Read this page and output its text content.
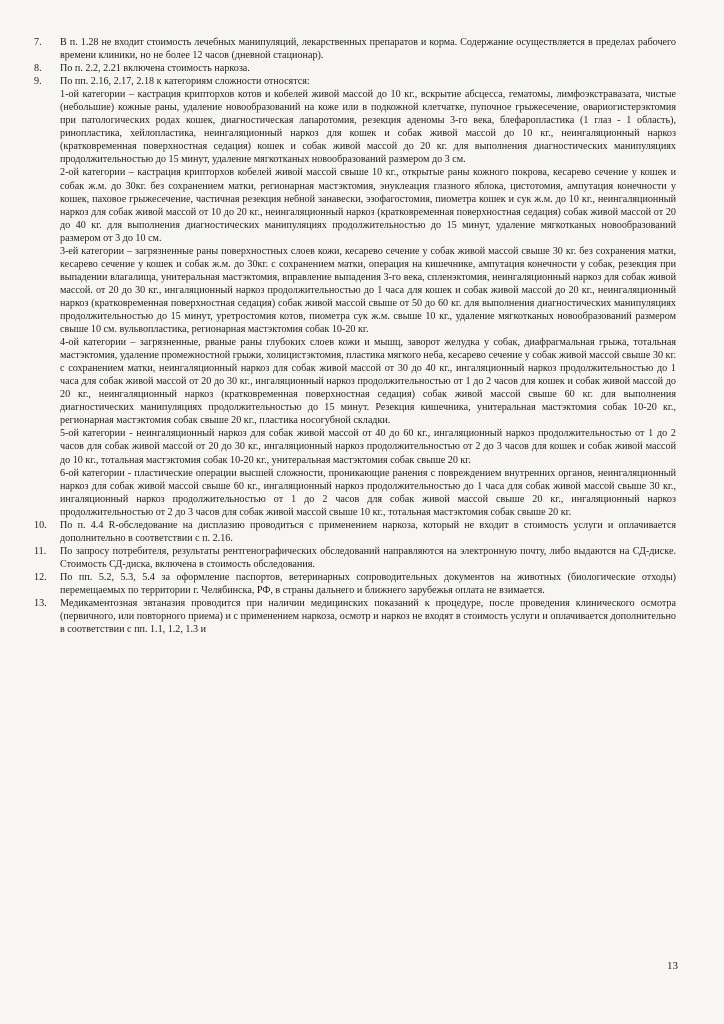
7.	В п. 1.28 не входит стоимость лечебных манипуляций, лекарственных препаратов и корма. Содержание осуществляется в пределах рабочего времени клиники, но не более 12 часов (дневной стационар).
8.	По п. 2.2, 2.21 включена стоимость наркоза.
9.	По пп. 2.16, 2.17, 2.18 к категориям сложности относятся:
1-ой категории – кастрация крипторхов котов и кобелей живой массой до 10 кг., вскрытие абсцесса, гематомы, лимфоэкстравазата, чистые (небольшие) кожные раны, удаление новообразований на коже или в подкожной клетчатке, пупочное грыжесечение, овариогистерэктомия при патологических родах кошек, диагностическая лапаротомия, резекция аденомы 3-го века, блефаропластика (1 глаз - 1 область), ринопластика, хейлопластика, неингаляционный наркоз для кошек и собак живой массой до 10 кг., неингаляционный наркоз (кратковременная поверхностная седация) кошек и собак живой массой до 20 кг. для выполнения диагностических манипуляциях продолжительностью до 15 минут, удаление мягкотканых новообразований размером до 3 см.
2-ой категории – кастрация крипторхов кобелей живой массой свыше 10 кг., открытые раны кожного покрова, кесарево сечение у кошек и собак ж.м. до 30кг. без сохранением матки, регионарная мастэктомия, энуклеация глазного яблока, цистотомия, ампутация конечности у кошек, паховое грыжесечение, частичная резекция небной занавески, эзофагостомия, пиометра кошек и сук ж.м. до 10 кг., неингаляционный наркоз для собак живой массой от 10 до 20 кг., неингаляционный наркоз (кратковременная поверхностная седация) собак живой массой от 20 до 40 кг. для выполнения диагностических манипуляциях продолжительностью до 15 минут, удаление мягкотканых новообразований размером от 3 до 10 см.
3-ей категории – загрязненные раны поверхностных слоев кожи, кесарево сечение у собак живой массой свыше 30 кг. без сохранения матки, кесарево сечение у кошек и собак ж.м. до 30кг. с сохранением матки, операция на кишечнике, ампутация конечности у собак, резекция при выпадении влагалища, унитеральная мастэктомия, вправление выпадения 3-го века, спленэктомия, неингаляционный наркоз для собак живой массой. от 20 до 30 кг., ингаляционный наркоз продолжительностью до 1 часа для кошек и собак живой массой до 20 кг., неингаляционный наркоз (кратковременная поверхностная седация) собак живой массой свыше от 50 до 60 кг. для выполнения диагностических манипуляциях продолжительностью до 15 минут, уретростомия котов, пиометра сук ж.м. свыше 10 кг., удаление мягкотканых новообразований размером свыше 10 см. вульвопластика, регионарная мастэктомия собак 10-20 кг.
4-ой категории – загрязненные, рваные раны глубоких слоев кожи и мышц, заворот желудка у собак, диафрагмальная грыжа, тотальная мастэктомия, удаление промежностной грыжи, холицистэктомия, пластика мягкого неба, кесарево сечение у собак живой массой свыше 30 кг. с сохранением матки, неингаляционный наркоз для собак живой массой от 30 до 40 кг., ингаляционный наркоз продолжительностью до 1 часа для собак живой массой от 20 до 30 кг., ингаляционный наркоз продолжительностью от 1 до 2 часов для кошек и собак живой массой до 20 кг., неингаляционный наркоз (кратковременная поверхностная седация) собак живой массой свыше 60 кг. для выполнения диагностических манипуляциях продолжительностью до 15 минут. Резекция кишечника, унитеральная мастэктомия собак 10-20 кг., регионарная мастэктомия собак свыше 20 кг., пластика носогубной складки.
5-ой категории - неингаляционный наркоз для собак живой массой от 40 до 60 кг., ингаляционный наркоз продолжительностью от 1 до 2 часов для собак живой массой от 20 до 30 кг., ингаляционный наркоз продолжительностью от 2 до 3 часов для кошек и собак живой массой до 10 кг., тотальная мастэктомия собак 10-20 кг., унитеральная мастэктомия собак свыше 20 кг.
6-ой категории - пластические операции высшей сложности, проникающие ранения с повреждением внутренних органов, неингаляционный наркоз для собак живой массой свыше 60 кг., ингаляционный наркоз продолжительностью до 1 часа для собак живой массой свыше 30 кг., ингаляционный наркоз продолжительностью от 1 до 2 часов для собак живой массой свыше 20 кг., ингаляционный наркоз продолжительностью от 2 до 3 часов для собак живой массой свыше 10 кг., тотальная мастэктомия собак свыше 20 кг.
10.	По п. 4.4 R-обследование на дисплазию проводиться с применением наркоза, который не входит в стоимость услуги и оплачивается дополнительно в соответствии с п. 2.16.
11.	По запросу потребителя, результаты рентгенографических обследований направляются на электронную почту, либо выдаются на СД-диске. Стоимость СД-диска, включена в стоимость обследования.
12.	По пп. 5.2, 5.3, 5.4 за оформление паспортов, ветеринарных сопроводительных документов на животных (биологические отходы) перемещаемых по территории г. Челябинска, РФ, в страны дальнего и ближнего зарубежья оплата не взимается.
13.	Медикаментозная эвтаназия проводится при наличии медицинских показаний к процедуре, после проведения клинического осмотра (первичного, или повторного приема) и с применением наркоза, осмотр и наркоз не входят в стоимость услуги и оплачивается дополнительно в соответствии с пп. 1.1, 1.2, 1.3 и
13
